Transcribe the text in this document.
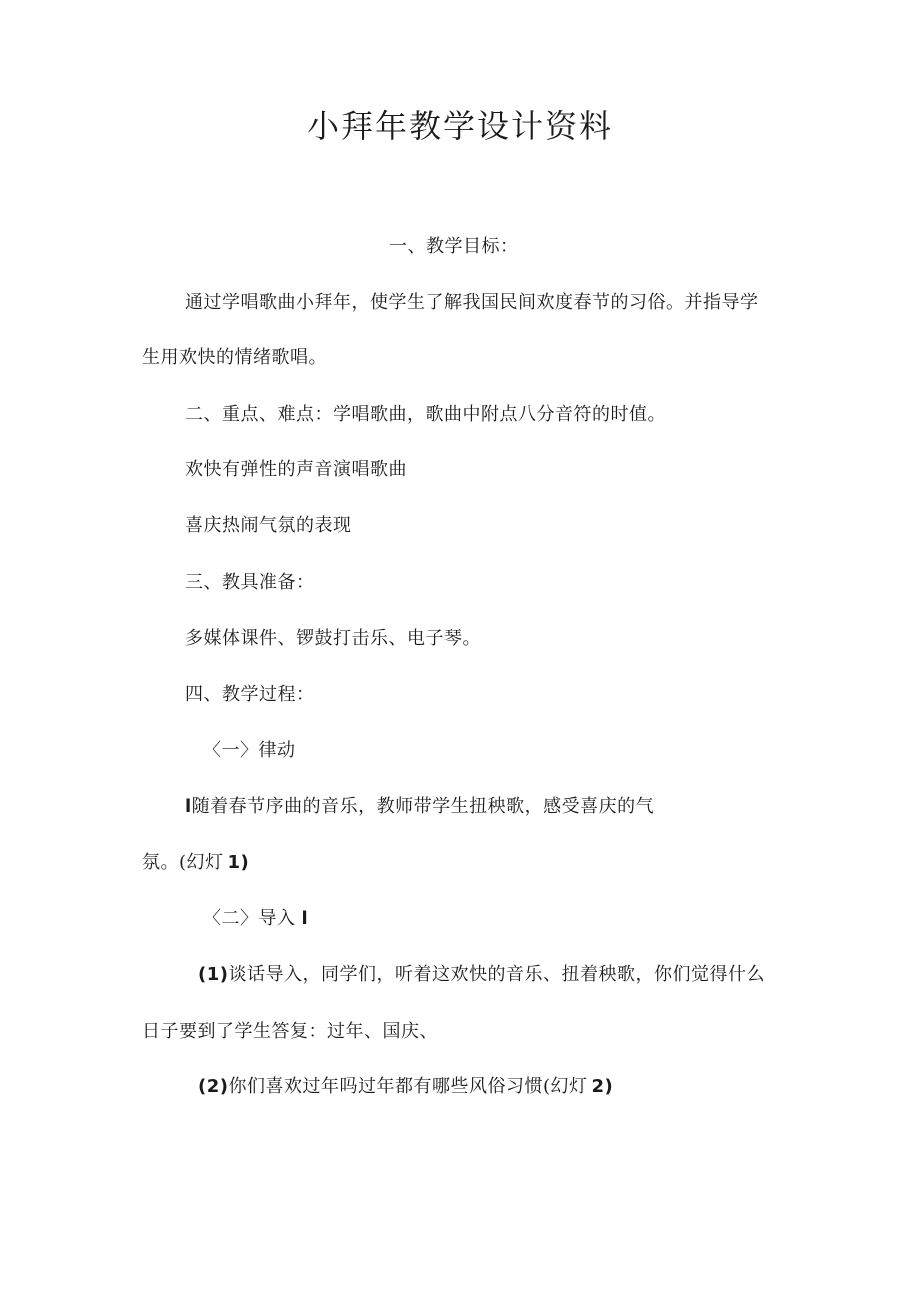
小拜年教学设计资料
一、教学目标：
通过学唱歌曲小拜年，使学生了解我国民间欢度春节的习俗。并指导学
生用欢快的情绪歌唱。
二、重点、难点：学唱歌曲，歌曲中附点八分音符的时值。
欢快有弹性的声音演唱歌曲
喜庆热闹气氛的表现
三、教具准备：
多媒体课件、锣鼓打击乐、电子琴。
四、教学过程：
〈一〉律动
l随着春节序曲的音乐，教师带学生扭秧歌，感受喜庆的气
氛。(幻灯 1)
〈二〉导入 l
(1)谈话导入，同学们，听着这欢快的音乐、扭着秧歌，你们觉得什么
日子要到了学生答复：过年、国庆、
(2)你们喜欢过年吗过年都有哪些风俗习惯(幻灯 2)
